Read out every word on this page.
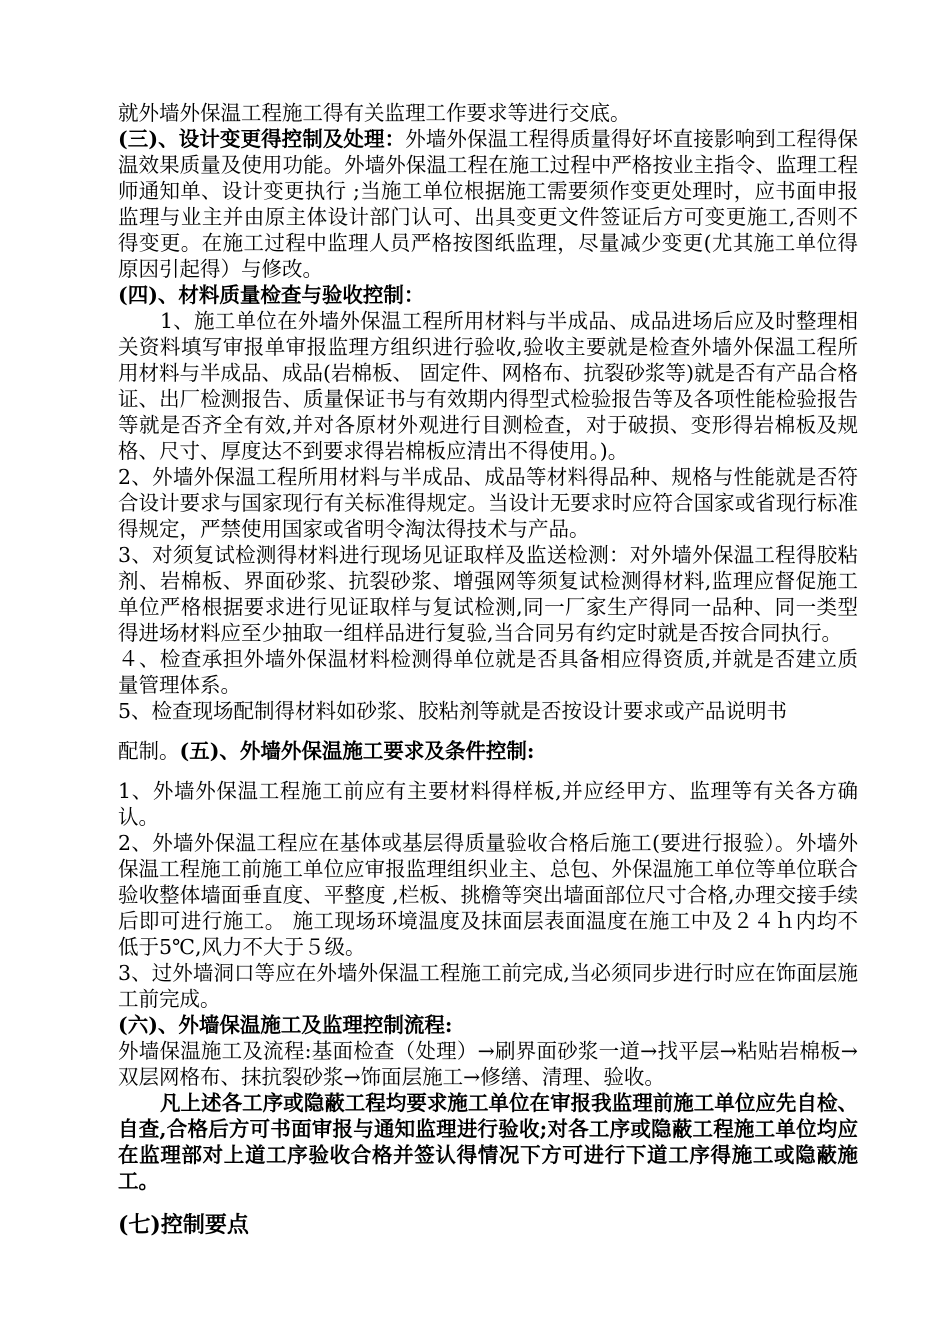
就外墙外保温工程施工得有关监理工作要求等进行交底。

(三)、设计变更得控制及处理：外墙外保温工程得质量得好坏直接影响到工程得保温效果质量及使用功能。外墙外保温工程在施工过程中严格按业主指令、监理工程师通知单、设计变更执行 ;当施工单位根据施工需要须作变更处理时，应书面申报监理与业主并由原主体设计部门认可、出具变更文件签证后方可变更施工,否则不得变更。在施工过程中监理人员严格按图纸监理，尽量减少变更(尤其施工单位得原因引起得）与修改。

(四)、材料质量检查与验收控制：

1、施工单位在外墙外保温工程所用材料与半成品、成品进场后应及时整理相关资料填写审报单审报监理方组织进行验收,验收主要就是检查外墙外保温工程所用材料与半成品、成品(岩棉板、 固定件、网格布、抗裂砂浆等)就是否有产品合格证、出厂检测报告、质量保证书与有效期内得型式检验报告等及各项性能检验报告等就是否齐全有效,并对各原材外观进行目测检查，对于破损、变形得岩棉板及规格、尺寸、厚度达不到要求得岩棉板应清出不得使用。)。

2、外墙外保温工程所用材料与半成品、成品等材料得品种、规格与性能就是否符合设计要求与国家现行有关标准得规定。当设计无要求时应符合国家或省现行标准得规定，严禁使用国家或省明令淘汰得技术与产品。

3、对须复试检测得材料进行现场见证取样及监送检测：对外墙外保温工程得胶粘剂、岩棉板、界面砂浆、抗裂砂浆、增强网等须复试检测得材料,监理应督促施工单位严格根据要求进行见证取样与复试检测,同一厂家生产得同一品种、同一类型得进场材料应至少抽取一组样品进行复验,当合同另有约定时就是否按合同执行。

４、检查承担外墙外保温材料检测得单位就是否具备相应得资质,并就是否建立质量管理体系。

5、检查现场配制得材料如砂浆、胶粘剂等就是否按设计要求或产品说明书

配制。(五)、外墙外保温施工要求及条件控制:

1、外墙外保温工程施工前应有主要材料得样板,并应经甲方、监理等有关各方确认。

2、外墙外保温工程应在基体或基层得质量验收合格后施工(要进行报验）。外墙外保温工程施工前施工单位应审报监理组织业主、总包、外保温施工单位等单位联合验收整体墙面垂直度、平整度 ,栏板、挑檐等突出墙面部位尺寸合格,办理交接手续后即可进行施工。 施工现场环境温度及抹面层表面温度在施工中及２４ｈ内均不低于5℃,风力不大于５级。

3、过外墙洞口等应在外墙外保温工程施工前完成,当必须同步进行时应在饰面层施工前完成。

(六)、外墙保温施工及监理控制流程:

外墙保温施工及流程:基面检查（处理）→刷界面砂浆一道→找平层→粘贴岩棉板→双层网格布、抹抗裂砂浆→饰面层施工→修缮、清理、验收。

凡上述各工序或隐蔽工程均要求施工单位在审报我监理前施工单位应先自检、自查,合格后方可书面审报与通知监理进行验收;对各工序或隐蔽工程施工单位均应在监理部对上道工序验收合格并签认得情况下方可进行下道工序得施工或隐蔽施工。

(七)控制要点
